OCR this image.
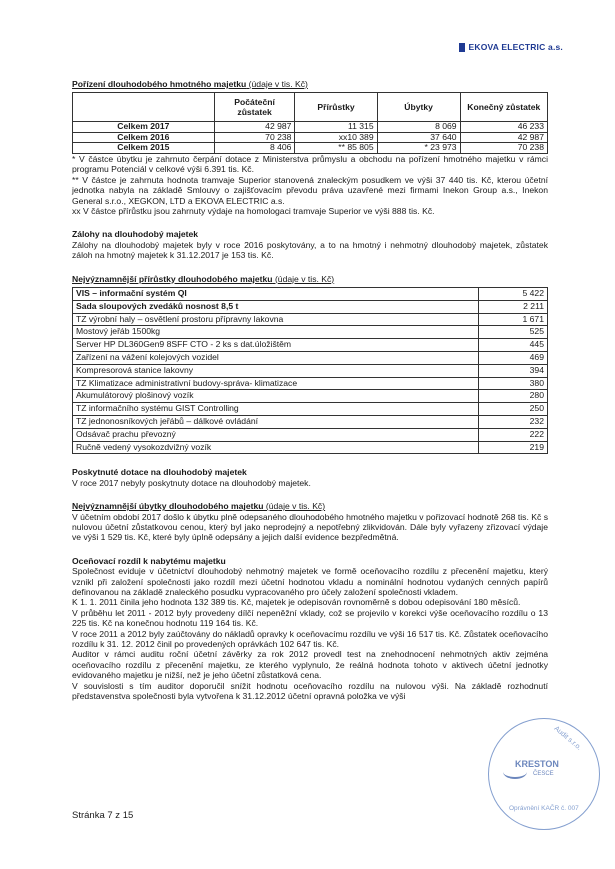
EKOVA ELECTRIC a.s.
Pořízení dlouhodobého hmotného majetku (údaje v tis. Kč)
	Počáteční zůstatek	Přírůstky	Úbytky	Konečný zůstatek
Celkem 2017	42 987	11 315	8 069	46 233
Celkem 2016	70 238	xx10 389	37 640	42 987
Celkem 2015	8 406	** 85 805	* 23 973	70 238

* V částce úbytku je zahrnuto čerpání dotace z Ministerstva průmyslu a obchodu na pořízení hmotného majetku v rámci programu Potenciál v celkové výši 6.391 tis. Kč.

** V částce je zahrnuta hodnota tramvaje Superior stanovená znaleckým posudkem ve výši 37 440 tis. Kč, kterou účetní jednotka nabyla na základě Smlouvy o zajišťovacím převodu práva uzavřené mezi firmami Inekon Group a.s., Inekon General s.r.o., XEGKON, LTD a EKOVA ELECTRIC a.s.

xx V částce přírůstku jsou zahrnuty výdaje na homologaci tramvaje Superior ve výši 888 tis. Kč.

Zálohy na dlouhodobý majetek

Zálohy na dlouhodobý majetek byly v roce 2016 poskytovány, a to na hmotný i nehmotný dlouhodobý majetek, zůstatek záloh na hmotný majetek k 31.12.2017 je 153 tis. Kč.

Nejvýznamnější přírůstky dlouhodobého majetku (údaje v tis. Kč)
VIS – informační systém QI	5 422
Sada sloupových zvedáků nosnost 8,5 t	2 211
TZ výrobní haly – osvětlení prostoru přípravny lakovna	1 671
Mostový jeřáb 1500kg	525
Server HP DL360Gen9 8SFF CTO - 2 ks s dat.úložištěm	445
Zařízení na vážení kolejových vozidel	469
Kompresorová stanice lakovny	394
TZ Klimatizace administrativní budovy-správa- klimatizace	380
Akumulátorový plošinový vozík	280
TZ informačního systému GIST Controlling	250
TZ jednonosníkových jeřábů – dálkové ovládání	232
Odsávač prachu převozný	222
Ručně vedený vysokozdvižný vozík	219
Poskytnuté dotace na dlouhodobý majetek

V roce 2017 nebyly poskytnuty dotace na dlouhodobý majetek.

Nejvýznamnější úbytky dlouhodobého majetku (údaje v tis. Kč)

V účetním období 2017 došlo k úbytku plně odepsaného dlouhodobého hmotného majetku v pořizovací hodnotě 268 tis. Kč s nulovou účetní zůstatkovou cenou, který byl jako neprodejný a nepotřebný zlikvidován. Dále byly vyřazeny zřizovací výdaje ve výši 1 529 tis. Kč, které byly úplně odepsány a jejich další evidence bezpředmětná.

Oceňovací rozdíl k nabytému majetku

Společnost eviduje v účetnictví dlouhodobý nehmotný majetek ve formě oceňovacího rozdílu z přecenění majetku, který vznikl při založení společnosti jako rozdíl mezi účetní hodnotou vkladu a nominální hodnotou vydaných cenných papírů definovanou na základě znaleckého posudku vypracovaného pro účely založení společnosti vkladem.

K 1. 1. 2011 činila jeho hodnota 132 389 tis. Kč, majetek je odepisován rovnoměrně s dobou odepisování 180 měsíců.

V průběhu let 2011 - 2012 byly provedeny dílčí nepeněžní vklady, což se projevilo v korekci výše oceňovacího rozdílu o 13 225 tis. Kč na konečnou hodnotu 119 164 tis. Kč.

V roce 2011 a 2012 byly zaúčtovány do nákladů opravky k oceňovacímu rozdílu ve výši 16 517 tis. Kč. Zůstatek oceňovacího rozdílu k 31. 12. 2012 činil po provedených oprávkách 102 647 tis. Kč.

Auditor v rámci auditu roční účetní závěrky za rok 2012 provedl test na znehodnocení nehmotných aktiv zejména oceňovacího rozdílu z přecenění majetku, ze kterého vyplynulo, že reálná hodnota tohoto v aktivech účetní jednotky evidovaného majetku je nižší, než je jeho účetní zůstatková cena.

V souvislosti s tím auditor doporučil snížit hodnotu oceňovacího rozdílu na nulovou výši. Na základě rozhodnutí představenstva společnosti byla vytvořena k 31.12.2012 účetní opravná položka ve výši

Stránka 7 z 15
Audit s.r.o.
KRESTON
ČESCE
Oprávnění KAČR č. 007
